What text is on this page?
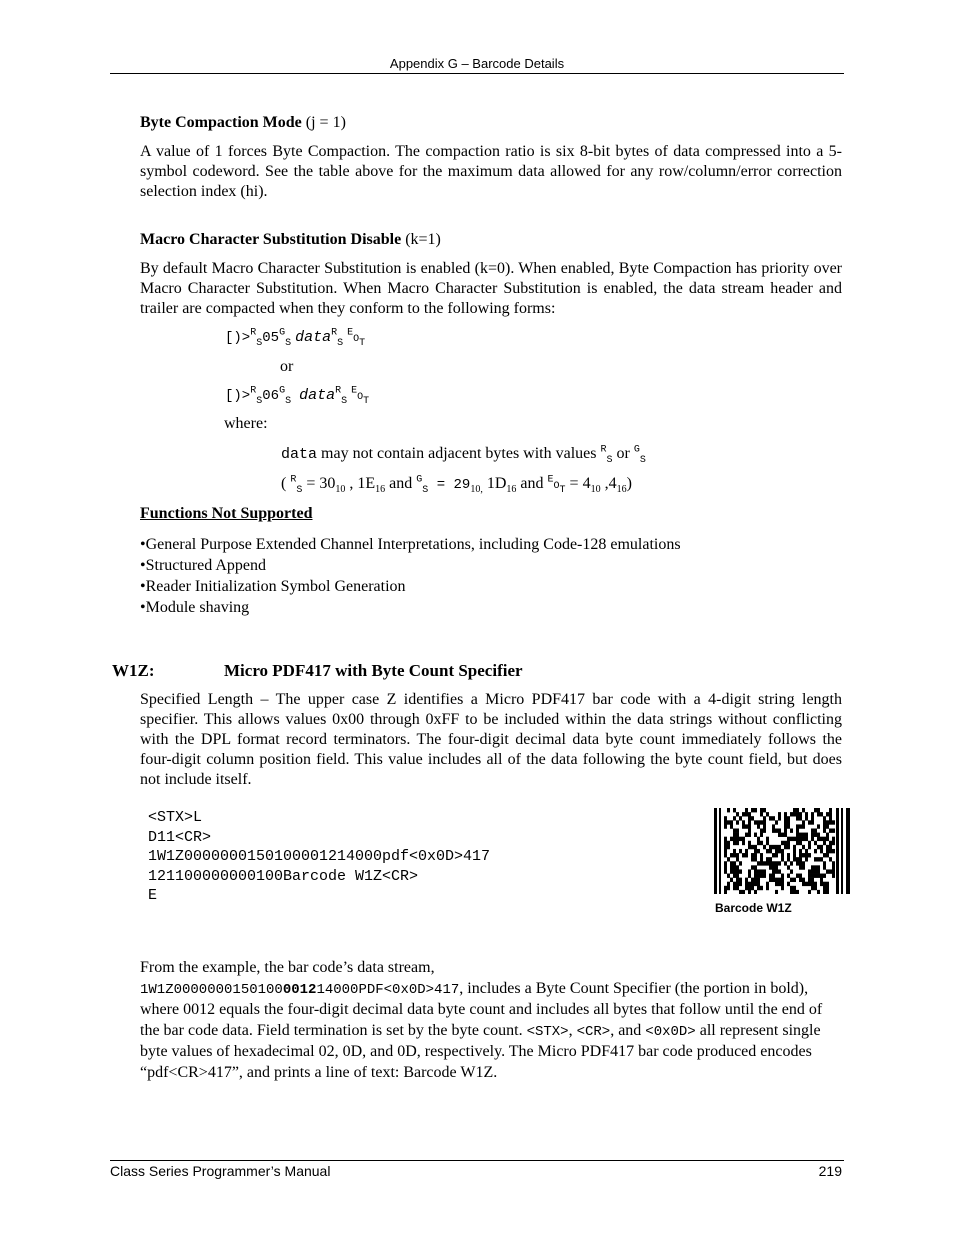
Appendix G – Barcode Details
Byte Compaction Mode (j = 1)
A value of 1 forces Byte Compaction. The compaction ratio is six 8-bit bytes of data compressed into a 5-symbol codeword. See the table above for the maximum data allowed for any row/column/error correction selection index (hi).
Macro Character Substitution Disable (k=1)
By default Macro Character Substitution is enabled (k=0). When enabled, Byte Compaction has priority over Macro Character Substitution. When Macro Character Substitution is enabled, the data stream header and trailer are compacted when they conform to the following forms:
$[)>^R_S05^G_S$ data$^R_S$ $^EO_T$
or
$[)>^R_S06^G_S$ data$^R_S$ $^EO_T$
where:
data may not contain adjacent bytes with values $^R_S$ or $^G_S$
( $^R_S = 30_{10}$ , $1E_{16}$ and $^G_S = 29_{10,}$ $1D_{16}$ and $^EO_T = 4_{10}$ $,4_{16}$)
Functions Not Supported
•General Purpose Extended Channel Interpretations, including Code-128 emulations
•Structured Append
•Reader Initialization Symbol Generation
•Module shaving
W1Z:	Micro PDF417 with Byte Count Specifier
Specified Length – The upper case Z identifies a Micro PDF417 bar code with a 4-digit string length specifier. This allows values 0x00 through 0xFF to be included within the data strings without conflicting with the DPL format record terminators. The four-digit decimal data byte count immediately follows the four-digit column position field. This value includes all of the data following the byte count field, but does not include itself.
<STX>L
D11<CR>
1W1Z0000000150100001214000pdf<0x0D>417
121100000000100Barcode W1Z<CR>
E
Barcode W1Z
From the example, the bar code’s data stream,
1W1Z0000000150100001214000PDF<0x0D>417, includes a Byte Count Specifier (the portion in bold), where 0012 equals the four-digit decimal data byte count and includes all bytes that follow until the end of the bar code data. Field termination is set by the byte count. <STX>, <CR>, and <0x0D> all represent single byte values of hexadecimal 02, 0D, and 0D, respectively. The Micro PDF417 bar code produced encodes “pdf<CR>417”, and prints a line of text: Barcode W1Z.
Class Series Programmer’s Manual	219
